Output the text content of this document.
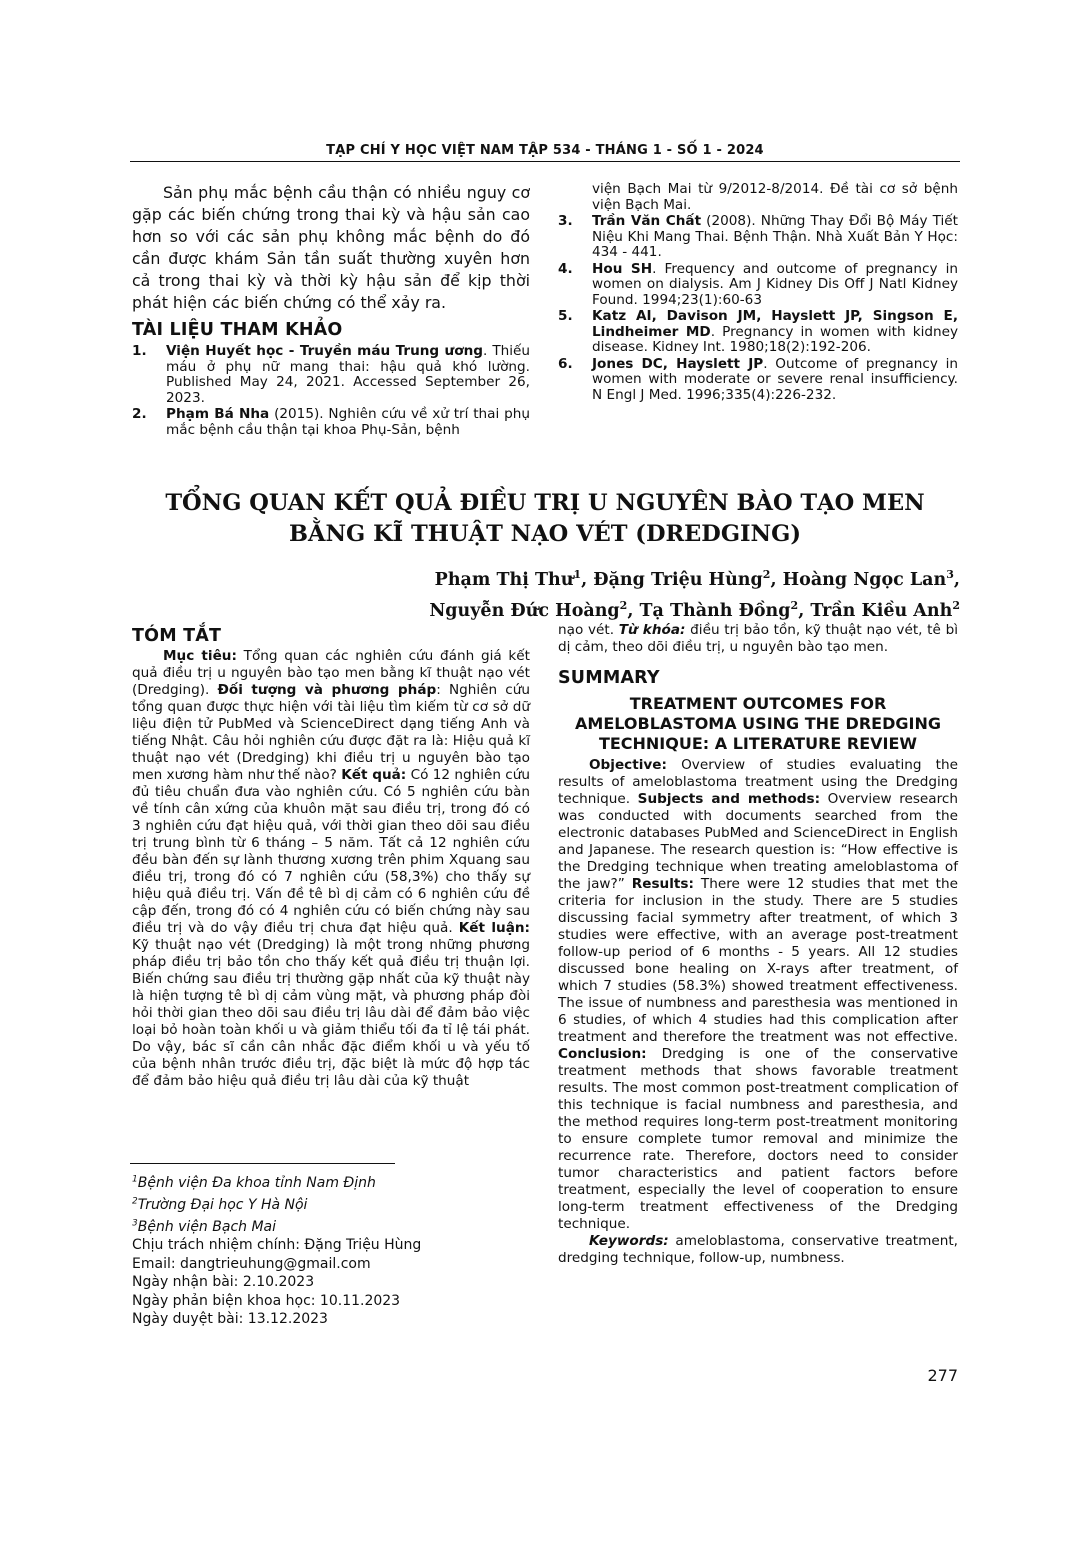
TẠP CHÍ Y HỌC VIỆT NAM TẬP 534 - THÁNG 1 - SỐ 1 - 2024

Sản phụ mắc bệnh cầu thận có nhiều nguy cơ gặp các biến chứng trong thai kỳ và hậu sản cao hơn so với các sản phụ không mắc bệnh do đó cần được khám Sản tần suất thường xuyên hơn cả trong thai kỳ và thời kỳ hậu sản để kịp thời phát hiện các biến chứng có thể xảy ra.

TÀI LIỆU THAM KHẢO
1. Viện Huyết học - Truyền máu Trung ương. Thiếu máu ở phụ nữ mang thai: hậu quả khó lường. Published May 24, 2021. Accessed September 26, 2023.
2. Phạm Bá Nha (2015). Nghiên cứu về xử trí thai phụ mắc bệnh cầu thận tại khoa Phụ-Sản, bệnh
viện Bạch Mai từ 9/2012-8/2014. Đề tài cơ sở bệnh viện Bạch Mai.
3. Trần Văn Chất (2008). Những Thay Đổi Bộ Máy Tiết Niệu Khi Mang Thai. Bệnh Thận. Nhà Xuất Bản Y Học: 434 - 441.
4. Hou SH. Frequency and outcome of pregnancy in women on dialysis. Am J Kidney Dis Off J Natl Kidney Found. 1994;23(1):60-63
5. Katz AI, Davison JM, Hayslett JP, Singson E, Lindheimer MD. Pregnancy in women with kidney disease. Kidney Int. 1980;18(2):192-206.
6. Jones DC, Hayslett JP. Outcome of pregnancy in women with moderate or severe renal insufficiency. N Engl J Med. 1996;335(4):226-232.
TỔNG QUAN KẾT QUẢ ĐIỀU TRỊ U NGUYÊN BÀO TẠO MEN
BẰNG KĨ THUẬT NẠO VÉT (DREDGING)
Phạm Thị Thư$^1$, Đặng Triệu Hùng$^2$, Hoàng Ngọc Lan$^3$,
Nguyễn Đức Hoàng$^2$, Tạ Thành Đồng$^2$, Trần Kiều Anh$^2$
TÓM TẮT

Mục tiêu: Tổng quan các nghiên cứu đánh giá kết quả điều trị u nguyên bào tạo men bằng kĩ thuật nạo vét (Dredging). Đối tượng và phương pháp: Nghiên cứu tổng quan được thực hiện với tài liệu tìm kiếm từ cơ sở dữ liệu điện tử PubMed và ScienceDirect dạng tiếng Anh và tiếng Nhật. Câu hỏi nghiên cứu được đặt ra là: Hiệu quả kĩ thuật nạo vét (Dredging) khi điều trị u nguyên bào tạo men xương hàm như thế nào? Kết quả: Có 12 nghiên cứu đủ tiêu chuẩn đưa vào nghiên cứu. Có 5 nghiên cứu bàn về tính cân xứng của khuôn mặt sau điều trị, trong đó có 3 nghiên cứu đạt hiệu quả, với thời gian theo dõi sau điều trị trung bình từ 6 tháng – 5 năm. Tất cả 12 nghiên cứu đều bàn đến sự lành thương xương trên phim Xquang sau điều trị, trong đó có 7 nghiên cứu (58,3%) cho thấy sự hiệu quả điều trị. Vấn đề tê bì dị cảm có 6 nghiên cứu đề cập đến, trong đó có 4 nghiên cứu có biến chứng này sau điều trị và do vậy điều trị chưa đạt hiệu quả. Kết luận: Kỹ thuật nạo vét (Dredging) là một trong những phương pháp điều trị bảo tồn cho thấy kết quả điều trị thuận lợi. Biến chứng sau điều trị thường gặp nhất của kỹ thuật này là hiện tượng tê bì dị cảm vùng mặt, và phương pháp đòi hỏi thời gian theo dõi sau điều trị lâu dài để đảm bảo việc loại bỏ hoàn toàn khối u và giảm thiểu tối đa tỉ lệ tái phát. Do vậy, bác sĩ cần cân nhắc đặc điểm khối u và yếu tố của bệnh nhân trước điều trị, đặc biệt là mức độ hợp tác để đảm bảo hiệu quả điều trị lâu dài của kỹ thuật

nạo vét. Từ khóa: điều trị bảo tồn, kỹ thuật nạo vét, tê bì dị cảm, theo dõi điều trị, u nguyên bào tạo men.

SUMMARY
TREATMENT OUTCOMES FOR
AMELOBLASTOMA USING THE DREDGING
TECHNIQUE: A LITERATURE REVIEW

Objective: Overview of studies evaluating the results of ameloblastoma treatment using the Dredging technique. Subjects and methods: Overview research was conducted with documents searched from the electronic databases PubMed and ScienceDirect in English and Japanese. The research question is: “How effective is the Dredging technique when treating ameloblastoma of the jaw?” Results: There were 12 studies that met the criteria for inclusion in the study. There are 5 studies discussing facial symmetry after treatment, of which 3 studies were effective, with an average post-treatment follow-up period of 6 months - 5 years. All 12 studies discussed bone healing on X-rays after treatment, of which 7 studies (58.3%) showed treatment effectiveness. The issue of numbness and paresthesia was mentioned in 6 studies, of which 4 studies had this complication after treatment and therefore the treatment was not effective. Conclusion: Dredging is one of the conservative treatment methods that shows favorable treatment results. The most common post-treatment complication of this technique is facial numbness and paresthesia, and the method requires long-term post-treatment monitoring to ensure complete tumor removal and minimize the recurrence rate. Therefore, doctors need to consider tumor characteristics and patient factors before treatment, especially the level of cooperation to ensure long-term treatment effectiveness of the Dredging technique.

Keywords: ameloblastoma, conservative treatment, dredging technique, follow-up, numbness.

$^1$Bệnh viện Đa khoa tỉnh Nam Định
$^2$Trường Đại học Y Hà Nội
$^3$Bệnh viện Bạch Mai
Chịu trách nhiệm chính: Đặng Triệu Hùng
Email: dangtrieuhung@gmail.com
Ngày nhận bài: 2.10.2023
Ngày phản biện khoa học: 10.11.2023
Ngày duyệt bài: 13.12.2023
277
